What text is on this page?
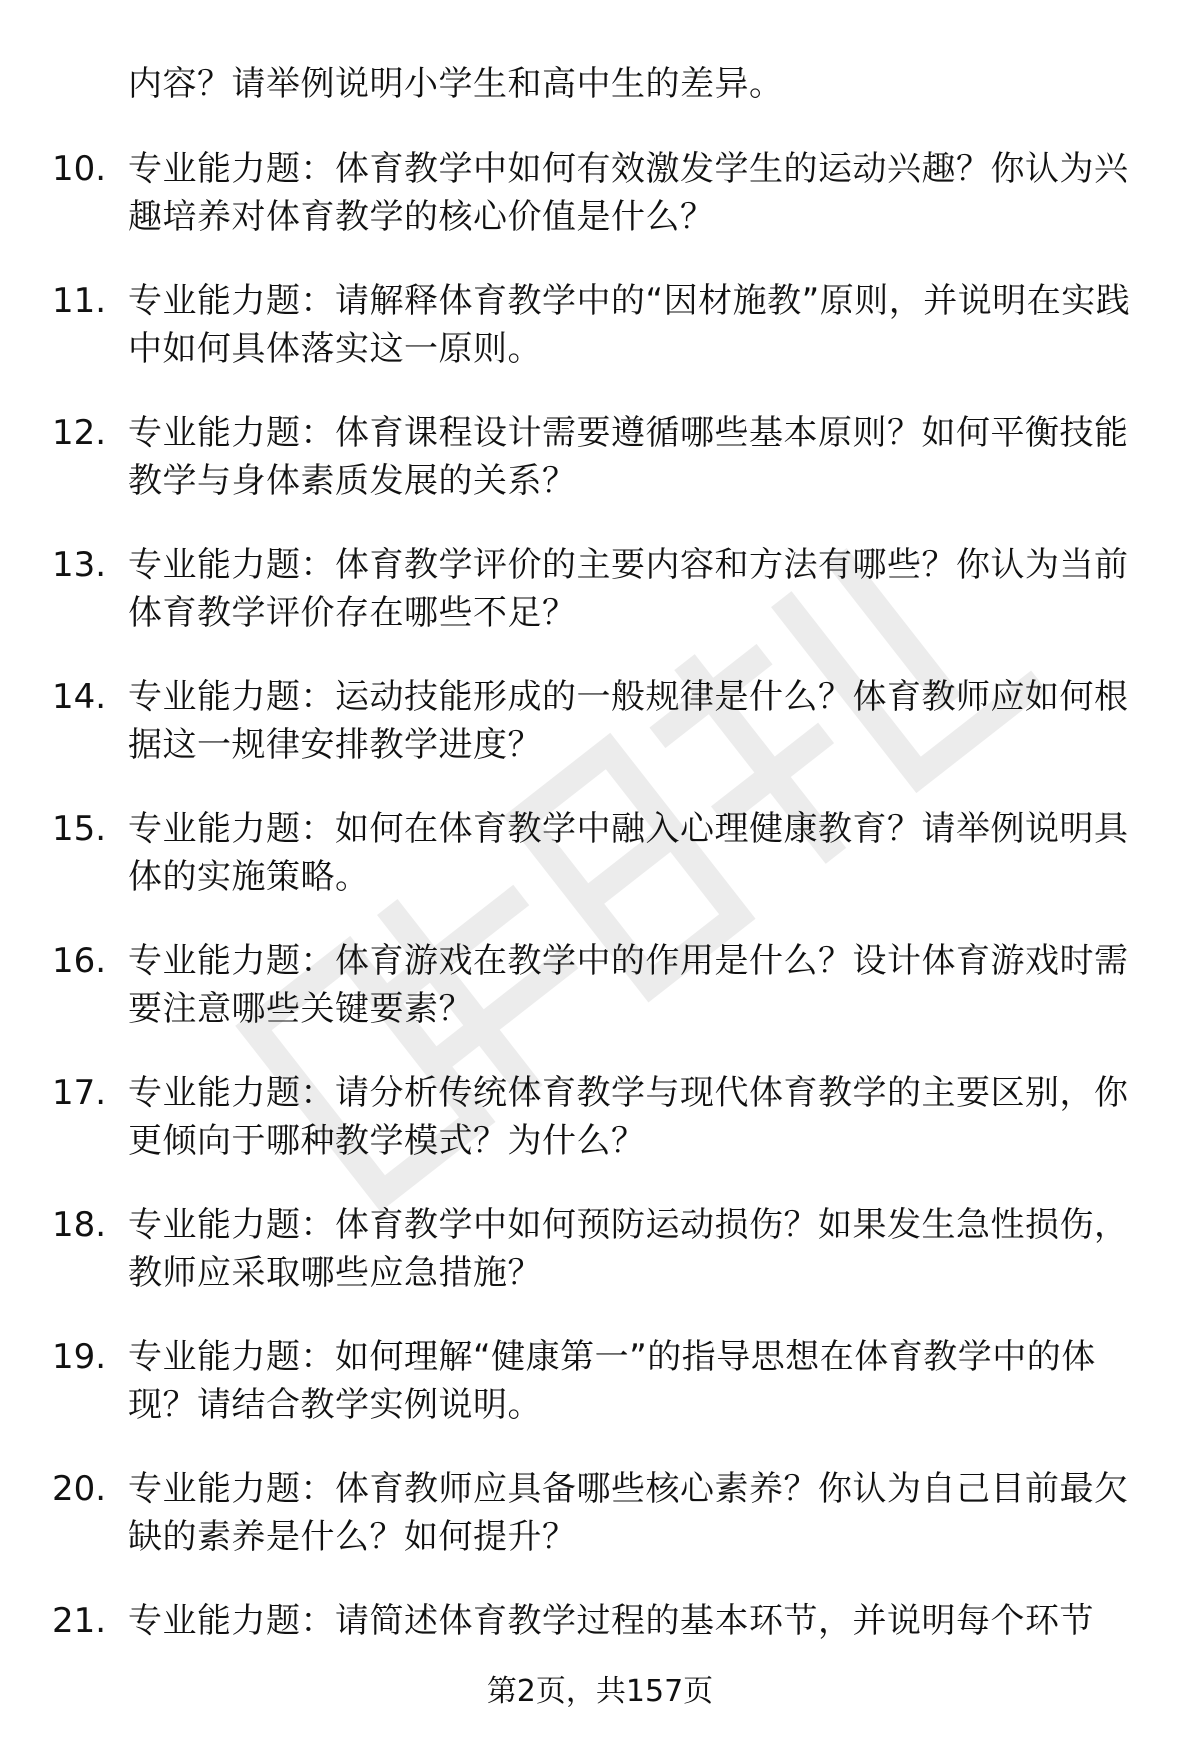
内容？请举例说明小学生和高中生的差异。

10. 专业能力题：体育教学中如何有效激发学生的运动兴趣？你认为兴趣培养对体育教学的核心价值是什么？
11. 专业能力题：请解释体育教学中的“因材施教”原则，并说明在实践中如何具体落实这一原则。
12. 专业能力题：体育课程设计需要遵循哪些基本原则？如何平衡技能教学与身体素质发展的关系？
13. 专业能力题：体育教学评价的主要内容和方法有哪些？你认为当前体育教学评价存在哪些不足？
14. 专业能力题：运动技能形成的一般规律是什么？体育教师应如何根据这一规律安排教学进度？
15. 专业能力题：如何在体育教学中融入心理健康教育？请举例说明具体的实施策略。
16. 专业能力题：体育游戏在教学中的作用是什么？设计体育游戏时需要注意哪些关键要素？
17. 专业能力题：请分析传统体育教学与现代体育教学的主要区别，你更倾向于哪种教学模式？为什么？
18. 专业能力题：体育教学中如何预防运动损伤？如果发生急性损伤，教师应采取哪些应急措施？
19. 专业能力题：如何理解“健康第一”的指导思想在体育教学中的体现？请结合教学实例说明。
20. 专业能力题：体育教师应具备哪些核心素养？你认为自己目前最欠缺的素养是什么？如何提升？
21. 专业能力题：请简述体育教学过程的基本环节，并说明每个环节
第2页，共157页
